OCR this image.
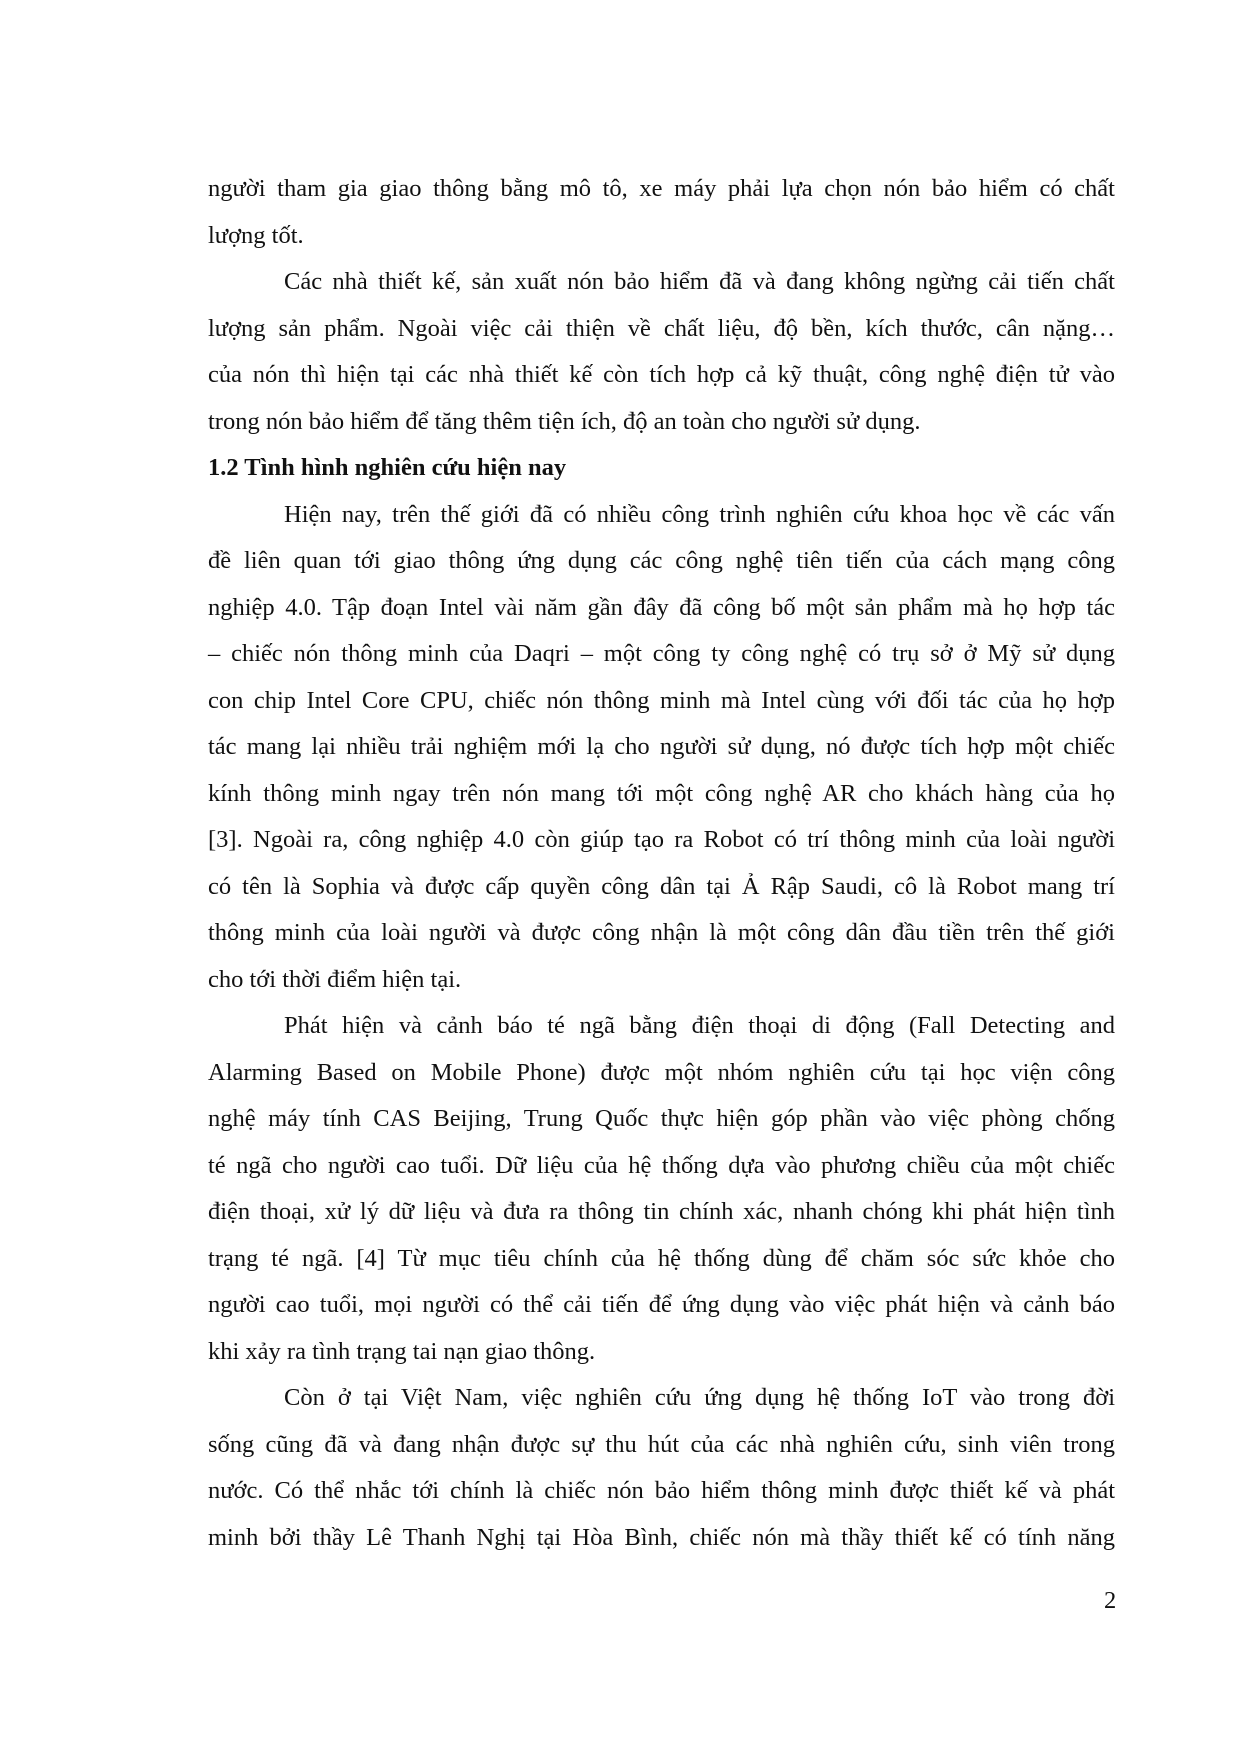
người tham gia giao thông bằng mô tô, xe máy phải lựa chọn nón bảo hiểm có chất
lượng tốt.
Các nhà thiết kế, sản xuất nón bảo hiểm đã và đang không ngừng cải tiến chất
lượng sản phẩm. Ngoài việc cải thiện về chất liệu, độ bền, kích thước, cân nặng…
của nón thì hiện tại các nhà thiết kế còn tích hợp cả kỹ thuật, công nghệ điện tử vào
trong nón bảo hiểm để tăng thêm tiện ích, độ an toàn cho người sử dụng.
1.2 Tình hình nghiên cứu hiện nay
Hiện nay, trên thế giới đã có nhiều công trình nghiên cứu khoa học về các vấn
đề liên quan tới giao thông ứng dụng các công nghệ tiên tiến của cách mạng công
nghiệp 4.0. Tập đoạn Intel vài năm gần đây đã công bố một sản phẩm mà họ hợp tác
– chiếc nón thông minh của Daqri – một công ty công nghệ có trụ sở ở Mỹ sử dụng
con chip Intel Core CPU, chiếc nón thông minh mà Intel cùng với đối tác của họ hợp
tác mang lại nhiều trải nghiệm mới lạ cho người sử dụng, nó được tích hợp một chiếc
kính thông minh ngay trên nón mang tới một công nghệ AR cho khách hàng của họ
[3]. Ngoài ra, công nghiệp 4.0 còn giúp tạo ra Robot có trí thông minh của loài người
có tên là Sophia và được cấp quyền công dân tại Ả Rập Saudi, cô là Robot mang trí
thông minh của loài người và được công nhận là một công dân đầu tiền trên thế giới
cho tới thời điểm hiện tại.
Phát hiện và cảnh báo té ngã bằng điện thoại di động (Fall Detecting and
Alarming Based on Mobile Phone) được một nhóm nghiên cứu tại học viện công
nghệ máy tính CAS Beijing, Trung Quốc thực hiện góp phần vào việc phòng chống
té ngã cho người cao tuổi. Dữ liệu của hệ thống dựa vào phương chiều của một chiếc
điện thoại, xử lý dữ liệu và đưa ra thông tin chính xác, nhanh chóng khi phát hiện tình
trạng té ngã. [4] Từ mục tiêu chính của hệ thống dùng để chăm sóc sức khỏe cho
người cao tuổi, mọi người có thể cải tiến để ứng dụng vào việc phát hiện và cảnh báo
khi xảy ra tình trạng tai nạn giao thông.
Còn ở tại Việt Nam, việc nghiên cứu ứng dụng hệ thống IoT vào trong đời
sống cũng đã và đang nhận được sự thu hút của các nhà nghiên cứu, sinh viên trong
nước. Có thể nhắc tới chính là chiếc nón bảo hiểm thông minh được thiết kế và phát
minh bởi thầy Lê Thanh Nghị tại Hòa Bình, chiếc nón mà thầy thiết kế có tính năng
2
